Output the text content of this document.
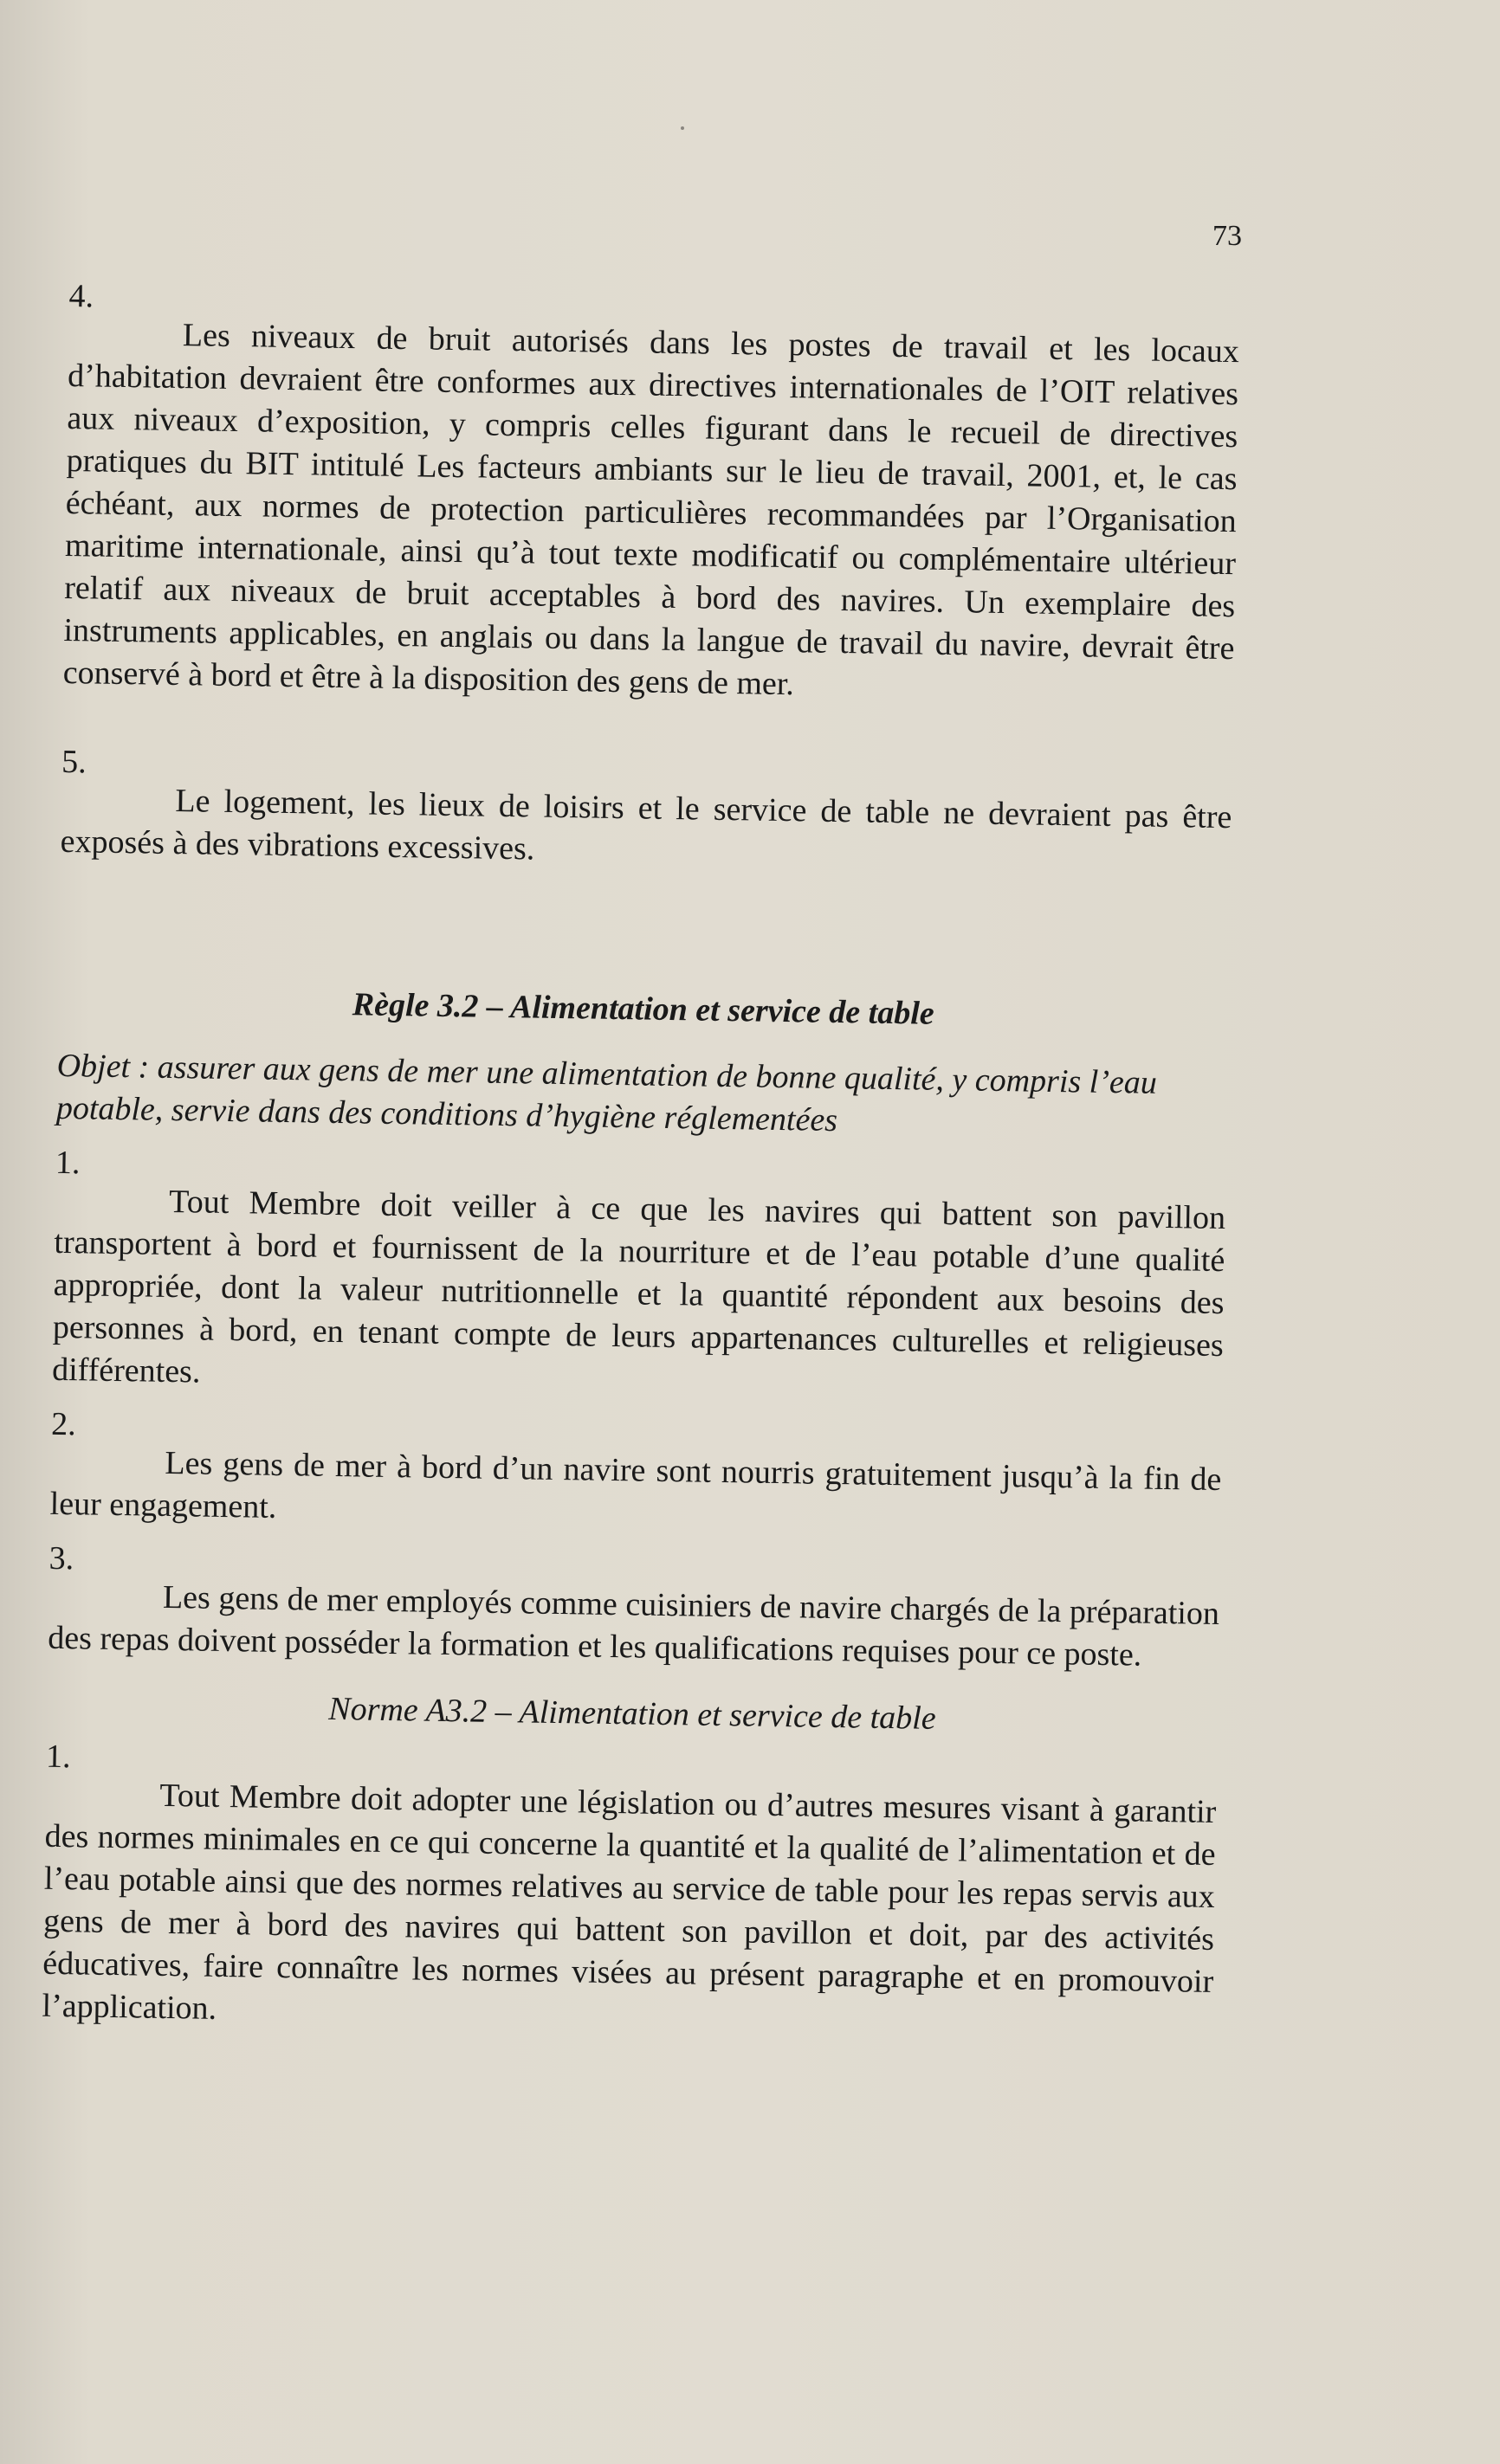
73
4.
Les niveaux de bruit autorisés dans les postes de travail et les locaux d’habitation devraient être conformes aux directives internationales de l’OIT relatives aux niveaux d’exposition, y compris celles figurant dans le recueil de directives pratiques du BIT intitulé Les facteurs ambiants sur le lieu de travail, 2001, et, le cas échéant, aux normes de protection particulières recommandées par l’Organisation maritime internationale, ainsi qu’à tout texte modificatif ou complémentaire ultérieur relatif aux niveaux de bruit acceptables à bord des navires. Un exemplaire des instruments applicables, en anglais ou dans la langue de travail du navire, devrait être conservé à bord et être à la disposition des gens de mer.
5.
Le logement, les lieux de loisirs et le service de table ne devraient pas être exposés à des vibrations excessives.
Règle 3.2 – Alimentation et service de table
Objet : assurer aux gens de mer une alimentation de bonne qualité, y compris l’eau potable, servie dans des conditions d’hygiène réglementées
1.
Tout Membre doit veiller à ce que les navires qui battent son pavillon transportent à bord et fournissent de la nourriture et de l’eau potable d’une qualité appropriée, dont la valeur nutritionnelle et la quantité répondent aux besoins des personnes à bord, en tenant compte de leurs appartenances culturelles et religieuses différentes.
2.
Les gens de mer à bord d’un navire sont nourris gratuitement jusqu’à la fin de leur engagement.
3.
Les gens de mer employés comme cuisiniers de navire chargés de la préparation des repas doivent posséder la formation et les qualifications requises pour ce poste.
Norme A3.2 – Alimentation et service de table
1.
Tout Membre doit adopter une législation ou d’autres mesures visant à garantir des normes minimales en ce qui concerne la quantité et la qualité de l’alimentation et de l’eau potable ainsi que des normes relatives au service de table pour les repas servis aux gens de mer à bord des navires qui battent son pavillon et doit, par des activités éducatives, faire connaître les normes visées au présent paragraphe et en promouvoir l’application.
